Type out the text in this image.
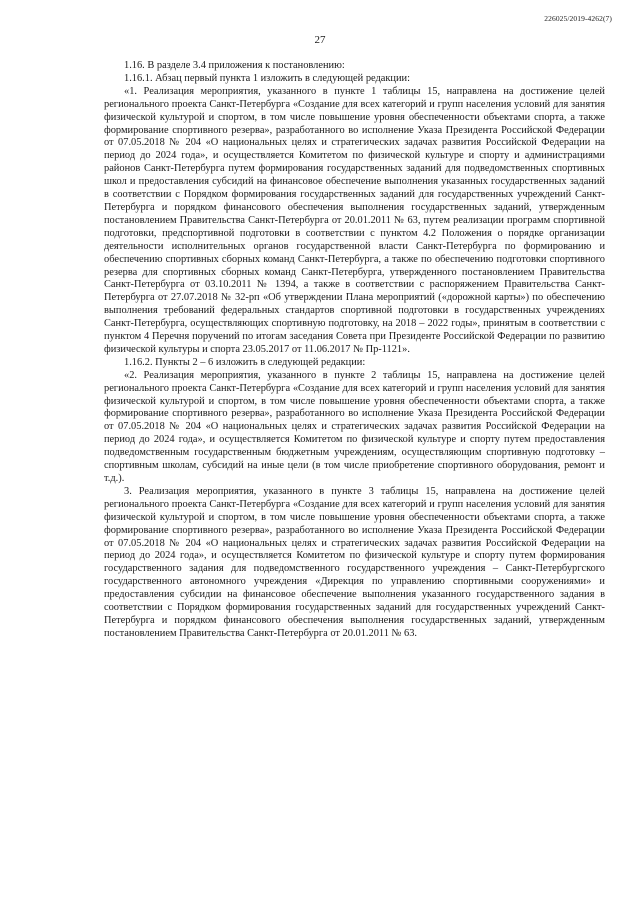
226025/2019-4262(7)
27

1.16. В разделе 3.4 приложения к постановлению:

1.16.1. Абзац первый пункта 1 изложить в следующей редакции:

«1. Реализация мероприятия, указанного в пункте 1 таблицы 15, направлена на достижение целей регионального проекта Санкт-Петербурга «Создание для всех категорий и групп населения условий для занятия физической культурой и спортом, в том числе повышение уровня обеспеченности объектами спорта, а также формирование спортивного резерва», разработанного во исполнение Указа Президента Российской Федерации от 07.05.2018 № 204 «О национальных целях и стратегических задачах развития Российской Федерации на период до 2024 года», и осуществляется Комитетом по физической культуре и спорту и администрациями районов Санкт-Петербурга путем формирования государственных заданий для подведомственных спортивных школ и предоставления субсидий на финансовое обеспечение выполнения указанных государственных заданий в соответствии с Порядком формирования государственных заданий для государственных учреждений Санкт-Петербурга и порядком финансового обеспечения выполнения государственных заданий, утвержденным постановлением Правительства Санкт-Петербурга от 20.01.2011 № 63, путем реализации программ спортивной подготовки, предспортивной подготовки в соответствии с пунктом 4.2 Положения о порядке организации деятельности исполнительных органов государственной власти Санкт-Петербурга по формированию и обеспечению спортивных сборных команд Санкт-Петербурга, а также по обеспечению подготовки спортивного резерва для спортивных сборных команд Санкт-Петербурга, утвержденного постановлением Правительства Санкт-Петербурга от 03.10.2011 № 1394, а также в соответствии с распоряжением Правительства Санкт-Петербурга от 27.07.2018 № 32-рп «Об утверждении Плана мероприятий («дорожной карты») по обеспечению выполнения требований федеральных стандартов спортивной подготовки в государственных учреждениях Санкт-Петербурга, осуществляющих спортивную подготовку, на 2018 – 2022 годы», принятым в соответствии с пунктом 4 Перечня поручений по итогам заседания Совета при Президенте Российской Федерации по развитию физической культуры и спорта 23.05.2017 от 11.06.2017 № Пр-1121».

1.16.2. Пункты 2 – 6 изложить в следующей редакции:

«2. Реализация мероприятия, указанного в пункте 2 таблицы 15, направлена на достижение целей регионального проекта Санкт-Петербурга «Создание для всех категорий и групп населения условий для занятия физической культурой и спортом, в том числе повышение уровня обеспеченности объектами спорта, а также формирование спортивного резерва», разработанного во исполнение Указа Президента Российской Федерации от 07.05.2018 № 204 «О национальных целях и стратегических задачах развития Российской Федерации на период до 2024 года», и осуществляется Комитетом по физической культуре и спорту путем предоставления подведомственным государственным бюджетным учреждениям, осуществляющим спортивную подготовку – спортивным школам, субсидий на иные цели (в том числе приобретение спортивного оборудования, ремонт и т.д.).

3. Реализация мероприятия, указанного в пункте 3 таблицы 15, направлена на достижение целей регионального проекта Санкт-Петербурга «Создание для всех категорий и групп населения условий для занятия физической культурой и спортом, в том числе повышение уровня обеспеченности объектами спорта, а также формирование спортивного резерва», разработанного во исполнение Указа Президента Российской Федерации от 07.05.2018 № 204 «О национальных целях и стратегических задачах развития Российской Федерации на период до 2024 года», и осуществляется Комитетом по физической культуре и спорту путем формирования государственного задания для подведомственного государственного учреждения – Санкт-Петербургского государственного автономного учреждения «Дирекция по управлению спортивными сооружениями» и предоставления субсидии на финансовое обеспечение выполнения указанного государственного задания в соответствии с Порядком формирования государственных заданий для государственных учреждений Санкт-Петербурга и порядком финансового обеспечения выполнения государственных заданий, утвержденным постановлением Правительства Санкт-Петербурга от 20.01.2011 № 63.
